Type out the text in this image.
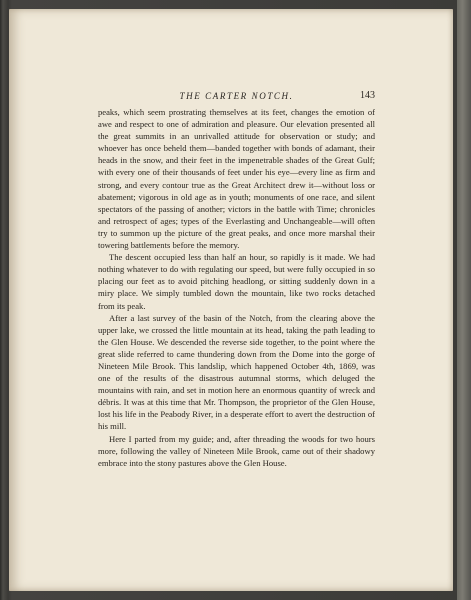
THE CARTER NOTCH.	143

peaks, which seem prostrating themselves at its feet, changes the emotion of awe and respect to one of admiration and pleasure. Our elevation presented all the great summits in an unrivalled attitude for observation or study; and whoever has once beheld them—banded together with bonds of adamant, their heads in the snow, and their feet in the impenetrable shades of the Great Gulf; with every one of their thousands of feet under his eye—every line as firm and strong, and every contour true as the Great Architect drew it—without loss or abatement; vigorous in old age as in youth; monuments of one race, and silent spectators of the passing of another; victors in the battle with Time; chronicles and retrospect of ages; types of the Everlasting and Unchangeable—will often try to summon up the picture of the great peaks, and once more marshal their towering battlements before the memory.

The descent occupied less than half an hour, so rapidly is it made. We had nothing whatever to do with regulating our speed, but were fully occupied in so placing our feet as to avoid pitching headlong, or sitting suddenly down in a miry place. We simply tumbled down the mountain, like two rocks detached from its peak.

After a last survey of the basin of the Notch, from the clearing above the upper lake, we crossed the little mountain at its head, taking the path leading to the Glen House. We descended the reverse side together, to the point where the great slide referred to came thundering down from the Dome into the gorge of Nineteen Mile Brook. This landslip, which happened October 4th, 1869, was one of the results of the disastrous autumnal storms, which deluged the mountains with rain, and set in motion here an enormous quantity of wreck and débris. It was at this time that Mr. Thompson, the proprietor of the Glen House, lost his life in the Peabody River, in a desperate effort to avert the destruction of his mill.

Here I parted from my guide; and, after threading the woods for two hours more, following the valley of Nineteen Mile Brook, came out of their shadowy embrace into the stony pastures above the Glen House.
